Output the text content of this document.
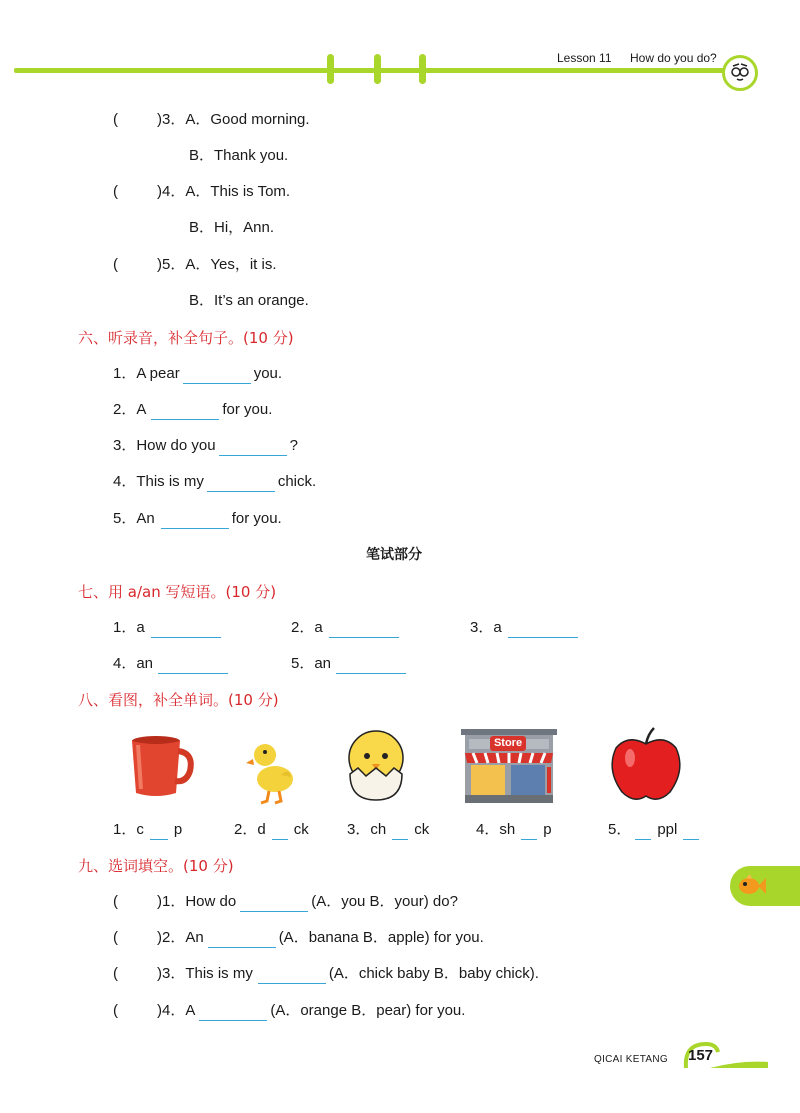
Lesson 11 How do you do?
(	)3．A．Good morning.
B．Thank you.
(	)4．A．This is Tom.
B．Hi，Ann.
(	)5．A．Yes，it is.
B．It’s an orange.
六、听录音，补全句子。(10 分)
1．A pear	you.
2．A	for you.
3．How do you	?
4．This is my	chick.
5．An	for you.
笔试部分
七、用 a/an 写短语。(10 分)
1．a	2．a	3．a
4．an	5．an
八、看图，补全单词。(10 分)
Store
1．c p	2．d ck	3．ch ck	4．sh p	5． ppl
九、选词填空。(10 分)
(	)1．How do	(A．you B．your) do?
(	)2．An	(A．banana B．apple) for you.
(	)3．This is my	(A．chick baby B．baby chick).
(	)4．A	(A．orange B．pear) for you.
QICAI KETANG 157
